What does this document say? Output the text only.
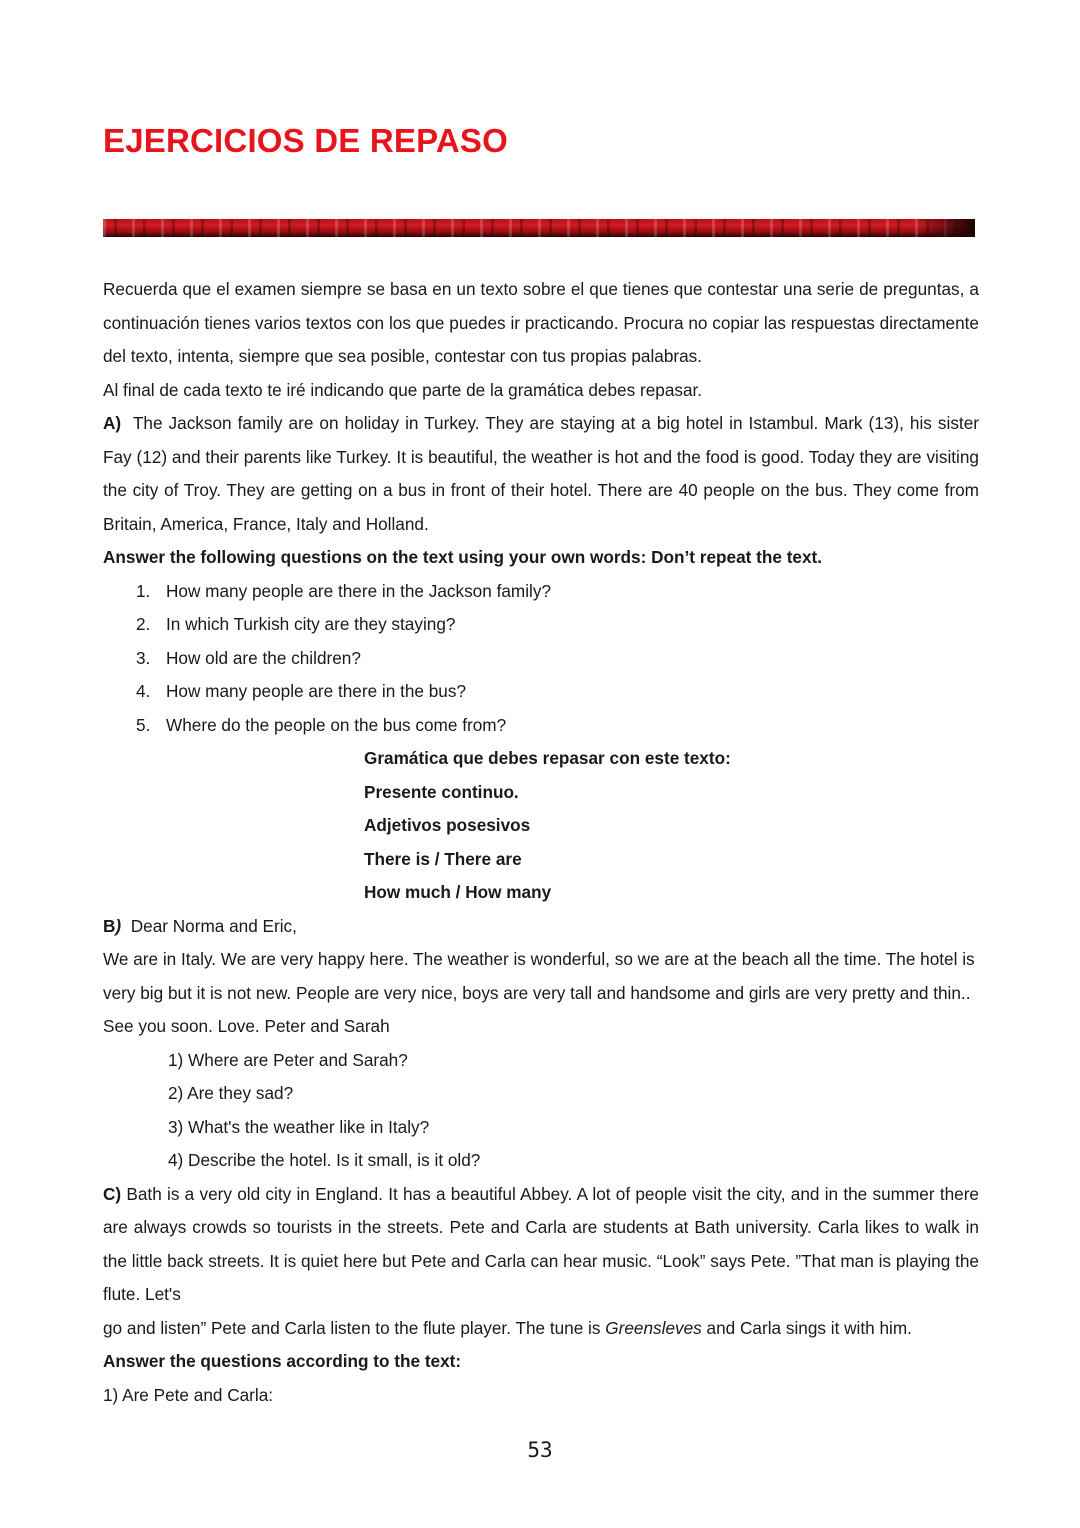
EJERCICIOS DE REPASO

Recuerda que el examen siempre se basa en un texto sobre el que tienes que contestar una serie de preguntas, a continuación tienes varios textos con los que puedes ir practicando. Procura no copiar las respuestas directamente del texto, intenta, siempre que sea posible, contestar con tus propias palabras.

Al final de cada texto te iré indicando que parte de la gramática debes repasar.

A) The Jackson family are on holiday in Turkey. They are staying at a big hotel in Istambul. Mark (13), his sister Fay (12) and their parents like Turkey. It is beautiful, the weather is hot and the food is good. Today they are visiting the city of Troy. They are getting on a bus in front of their hotel. There are 40 people on the bus. They come from Britain, America, France, Italy and Holland.

Answer the following questions on the text using your own words: Don’t repeat the text.

1. How many people are there in the Jackson family?
2. In which Turkish city are they staying?
3. How old are the children?
4. How many people are there in the bus?
5. Where do the people on the bus come from?

Gramática que debes repasar con este texto:

Presente continuo.

Adjetivos posesivos

There is / There are

How much / How many

B) Dear Norma and Eric,

We are in Italy. We are very happy here. The weather is wonderful, so we are at the beach all the time. The hotel is very big but it is not new. People are very nice, boys are very tall and handsome and girls are very pretty and thin..

See you soon. Love. Peter and Sarah

1) Where are Peter and Sarah?
2) Are they sad?
3) What's the weather like in Italy?
4) Describe the hotel. Is it small, is it old?

C) Bath is a very old city in England. It has a beautiful Abbey. A lot of people visit the city, and in the summer there are always crowds so tourists in the streets. Pete and Carla are students at Bath university. Carla likes to walk in the little back streets. It is quiet here but Pete and Carla can hear music. “Look” says Pete. ”That man is playing the flute. Let's

go and listen” Pete and Carla listen to the flute player. The tune is Greensleves and Carla sings it with him.

Answer the questions according to the text:

1) Are Pete and Carla:

53
